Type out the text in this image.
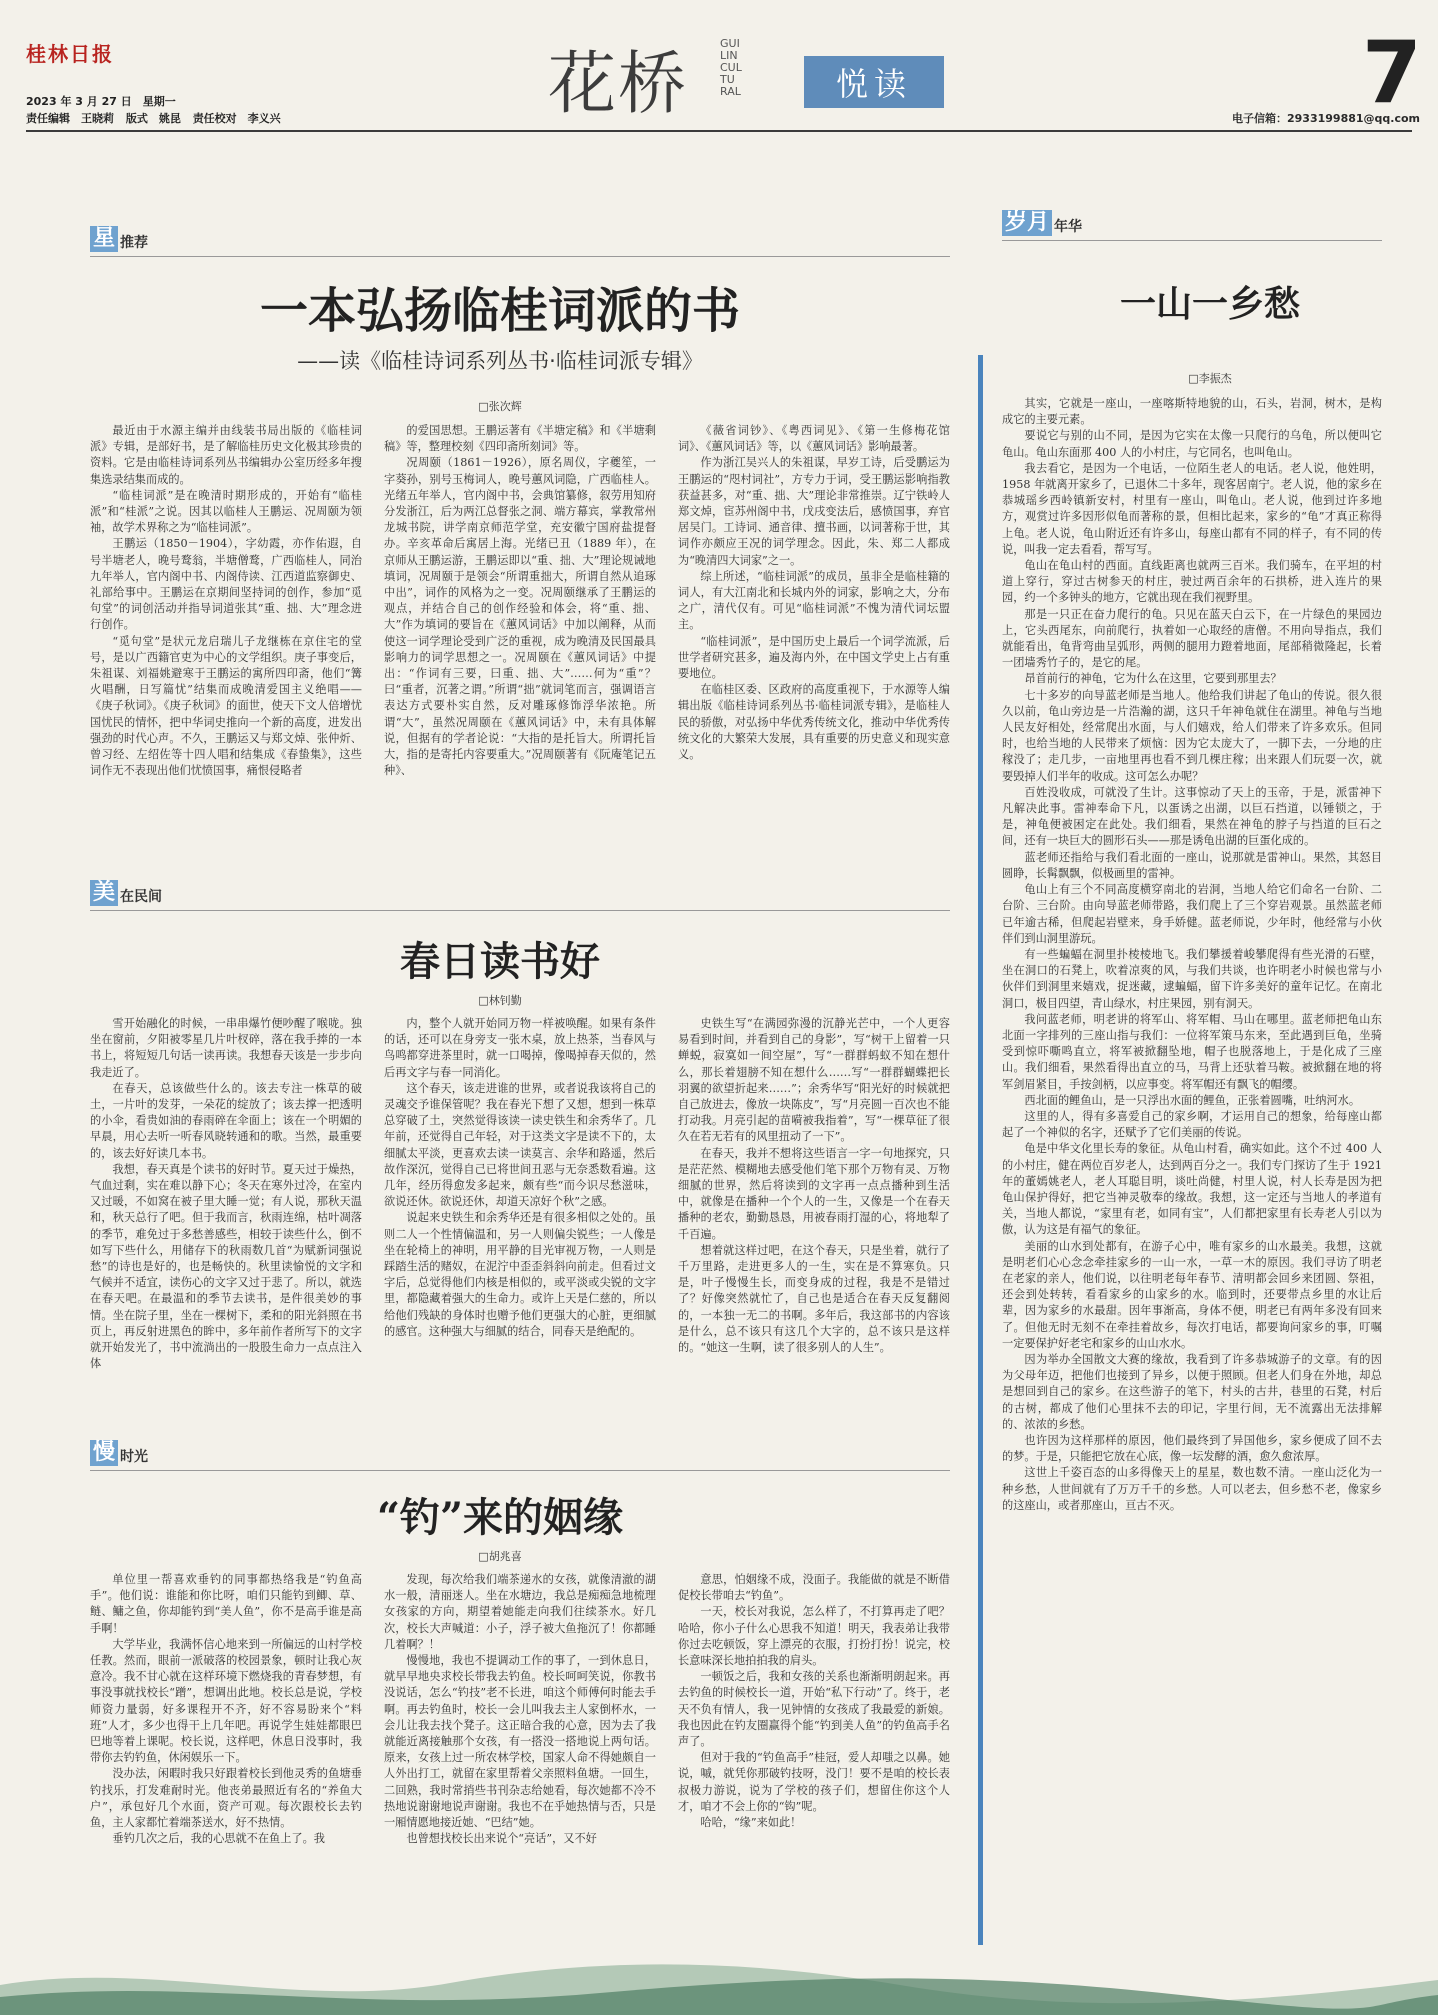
桂林日报
2023 年 3 月 27 日　星期一
责任编辑　王晓莉 版式　姚昆 责任校对　李义兴	花桥
GUILIN CULTURAL	悦读	7
电子信箱：2933199881@qq.com
星 推荐
一本弘扬临桂词派的书
——读《临桂诗词系列丛书·临桂词派专辑》
□张次辉

最近由于水源主编并由线装书局出版的《临桂词派》专辑，是部好书，是了解临桂历史文化极其珍贵的资料。它是由临桂诗词系列丛书编辑办公室历经多年搜集选录结集而成的。

“临桂词派”是在晚清时期形成的，开始有“临桂派”和“桂派”之说。因其以临桂人王鹏运、况周颐为领袖，故学术界称之为“临桂词派”。

王鹏运（1850－1904），字幼霞，亦作佑遐，自号半塘老人，晚号鹜翁，半塘僧鹜，广西临桂人，同治九年举人，官内阁中书、内阁侍读、江西道监察御史、礼部给事中。王鹏运在京期间坚持词的创作，参加“觅句堂”的词创活动并指导词道张其“重、拙、大”理念进行创作。

“觅句堂”是状元龙启瑞儿子龙继栋在京住宅的堂号，是以广西籍官吏为中心的文学组织。庚子事变后，朱祖谋、刘福姚避寒于王鹏运的寓所四印斋，他们“篝火唱酬，日写篇忧”结集而成晚清爱国主义绝唱——《庚子秋词》。《庚子秋词》的面世，使天下文人倍增忧国忧民的情怀，把中华词史推向一个新的高度，进发出强劲的时代心声。不久，王鹏运又与郑文焯、张仲炘、曾习经、左绍佐等十四人唱和结集成《春蛰集》，这些词作无不表现出他们忧愤国事，痛恨侵略者

的爱国思想。王鹏运著有《半塘定稿》和《半塘剩稿》等，整理校刻《四印斋所刻词》等。

况周颐（1861－1926），原名周仪，字夔笙，一字葵孙，别号玉梅词人，晚号蕙风词隐，广西临桂人。光绪五年举人，官内阁中书，会典馆纂修，叙劳用知府分发浙江，后为两江总督张之洞、端方幕宾，掌教常州龙城书院，讲学南京师范学堂，充安徽宁国府盐提督办。辛亥革命后寓居上海。光绪已丑（1889 年），在京师从王鹏运游，王鹏运即以“重、拙、大”理论规诫地填词，况周颐于是领会“所谓重拙大，所谓自然从追琢中出”，词作的风格为之一变。况周颐继承了王鹏运的观点，并结合自己的创作经验和体会，将“重、拙、大”作为填词的要旨在《蕙风词话》中加以阐释，从而使这一词学理论受到广泛的重视，成为晚清及民国最具影响力的词学思想之一。况周颐在《蕙风词话》中提出：“作词有三要，曰重、拙、大”……何为“重”？曰“重者，沉著之谓。”所谓“拙”就词笔而言，强调语言表达方式要朴实自然，反对雕琢修饰浮华浓艳。所谓“大”，虽然况周颐在《蕙风词话》中，未有具体解说，但据有的学者论说：“大指的是托旨大。所谓托旨大，指的是寄托内容要重大。”况周颐著有《阮庵笔记五种》、

《薇省词钞》、《粤西词见》、《第一生修梅花馆词》、《蕙风词话》等，以《蕙风词话》影响最著。

作为浙江吴兴人的朱祖谋，早岁工诗，后受鹏运为王鹏运的“咫村词社”，方专力于词，受王鹏运影响指教获益甚多，对“重、拙、大”理论非常推崇。辽宁铁岭人郑文焯，宦苏州阁中书，戊戌变法后，感愤国事，弃官居吴门。工诗词、通音律、擅书画，以词著称于世，其词作亦颇应王况的词学理念。因此，朱、郑二人都成为“晚清四大词家”之一。

综上所述，“临桂词派”的成员，虽非全是临桂籍的词人，有大江南北和长城内外的词家，影响之大，分布之广，清代仅有。可见“临桂词派”不愧为清代词坛盟主。

“临桂词派”，是中国历史上最后一个词学流派，后世学者研究甚多，遍及海内外，在中国文学史上占有重要地位。

在临桂区委、区政府的高度重视下，于水源等人编辑出版《临桂诗词系列丛书·临桂词派专辑》，是临桂人民的骄傲，对弘扬中华优秀传统文化，推动中华优秀传统文化的大繁荣大发展，具有重要的历史意义和现实意义。

美 在民间
春日读书好
□林钊勤

雪开始融化的时候，一串串爆竹便吵醒了喉咙。独坐在窗前，夕阳被零星几片叶杈碎，落在我手捧的一本书上，将短短几句话一读再读。我想春天该是一步步向我走近了。

在春天，总该做些什么的。该去专注一株草的破土，一片叶的发芽，一朵花的绽放了；该去撑一把透明的小伞，看贵如油的春雨碎在伞面上；该在一个明媚的早晨，用心去听一听春风晓转通和的歌。当然，最重要的，该去好好读几本书。

我想，春天真是个读书的好时节。夏天过于燥热，气血过剩，实在难以静下心；冬天在寒外过冷，在室内又过暖，不如窝在被子里大睡一觉；有人说，那秋天温和，秋天总行了吧。但于我而言，秋雨连绵，枯叶凋落的季节，难免过于多愁善感些，相较于读些什么，倒不如写下些什么，用储存下的秋雨数几首“为赋新词强说愁”的诗也是好的，也是畅快的。秋里读愉悦的文字和气候并不适宜，读伤心的文字又过于悲了。所以，就选在春天吧。在最温和的季节去读书，是件很美妙的事情。坐在院子里，坐在一棵树下，柔和的阳光斜照在书页上，再反射进黑色的眸中，多年前作者所写下的文字就开始发光了，书中流淌出的一股股生命力一点点注入体

内，整个人就开始同万物一样被唤醒。如果有条件的话，还可以在身旁支一张木桌，放上热茶，当春风与鸟鸣都穿进茶里时，就一口喝掉，像喝掉春天似的，然后再文字与春一同消化。

这个春天，该走进谁的世界，或者说我该将自己的灵魂交予谁保管呢？我在春光下想了又想，想到一株草总穿破了土，突然觉得该读一读史铁生和余秀华了。几年前，还觉得自己年轻，对于这类文字是读不下的，太细腻太平淡，更喜欢去读一读莫言、余华和路遥，然后故作深沉，觉得自己已将世间丑恶与无奈悉数看遍。这几年，经历得愈发多起来，颇有些“而今识尽愁滋味，欲说还休。欲说还休，却道天凉好个秋”之感。

说起来史铁生和余秀华还是有很多相似之处的。虽则二人一个性情偏温和，另一人则偏尖锐些；一人像是坐在轮椅上的神明，用平静的目光审视万物，一人则是踩踏生活的赌奴，在泥泞中歪歪斜斜向前走。但看过文字后，总觉得他们内核是相似的，或平淡或尖锐的文字里，都隐藏着强大的生命力。或许上天是仁慈的，所以给他们残缺的身体时也赠予他们更强大的心脏，更细腻的感官。这种强大与细腻的结合，同春天是绝配的。

史铁生写“在满园弥漫的沉静光芒中，一个人更容易看到时间，并看到自己的身影”，写“树干上留着一只蝉蜕，寂寞如一间空屋”，写“一群群蚂蚁不知在想什么，那长着翅膀不知在想什么……写“一群群蝴蝶把长羽翼的欲望折起来……”；余秀华写“阳光好的时候就把自己放进去，像放一块陈皮”，写“月亮圆一百次也不能打动我。月亮引起的苗嗬被我指着”，写“一棵草征了很久在若无若有的风里扭动了一下”。

在春天，我并不想将这些语言一字一句地探究，只是茫茫然、模糊地去感受他们笔下那个万物有灵、万物细腻的世界，然后将读到的文字再一点点播种到生活中，就像是在播种一个个人的一生，又像是一个在春天播种的老农，勤勤恳恳，用被春雨打湿的心，将地犁了千百遍。

想着就这样过吧，在这个春天，只是坐着，就行了千万里路，走进更多人的一生，实在是不算寒负。只是，叶子慢慢生长，而变身成的过程，我是不是错过了？好像突然就忙了，自己也是适合在春天反复翻阅的，一本独一无二的书啊。多年后，我这部书的内容该是什么，总不该只有这几个大字的，总不该只是这样的。“她这一生啊，读了很多别人的人生”。

慢 时光
“钓”来的姻缘
□胡兆喜

单位里一帮喜欢垂钓的同事都热络我是“钓鱼高手”。他们说：谁能和你比呀，咱们只能钓到鲫、草、鲢、鳙之鱼，你却能钓到“美人鱼”，你不是高手谁是高手啊！

大学毕业，我满怀信心地来到一所偏远的山村学校任教。然而，眼前一派破落的校园景象，顿时让我心灰意冷。我不甘心就在这样环境下燃烧我的青春梦想，有事没事就找校长“蹭”，想调出此地。校长总是说，学校师资力量弱，好多课程开不齐，好不容易盼来个“料班”人才，多少也得干上几年吧。再说学生娃娃都眼巴巴地等着上课呢。校长说，这样吧，休息日没事时，我带你去钓钓鱼，休闲娱乐一下。

没办法，闲暇时我只好跟着校长到他灵秀的鱼塘垂钓找乐，打发难耐时光。他丧弟最照近有名的“养鱼大户”，承包好几个水面，资产可观。每次跟校长去钓鱼，主人家都忙着端茶送水，好不热情。

垂钓几次之后，我的心思就不在鱼上了。我

发现，每次给我们端茶递水的女孩，就像清澈的湖水一般，清丽迷人。坐在水塘边，我总是痴痴急地梳理女孩家的方向，期望着她能走向我们往续茶水。好几次，校长大声喊道：小子，浮子被大鱼拖沉了！你都睡几着啊？！

慢慢地，我也不提调动工作的事了，一到休息日，就早早地央求校长带我去钓鱼。校长呵呵笑说，你教书没说话，怎么“钓技”老不长进，咱这个师傅何时能去手啊。再去钓鱼时，校长一会儿叫我去主人家倒杯水，一会儿让我去找个凳子。这正暗合我的心意，因为去了我就能近离接触那个女孩，有一搭没一搭地说上两句话。原来，女孩上过一所农林学校，国家人命不得她颇自一人外出打工，就留在家里帮着父亲照料鱼塘。一回生，二回熟，我时常捎些书刊杂志给她看，每次她都不冷不热地说谢谢地说声谢谢。我也不在乎她热情与否，只是一厢情愿地接近她、“巴结”她。

也曾想找校长出来说个“亮话”，又不好

意思，怕姻缘不成，没面子。我能做的就是不断借促校长带咱去“钓鱼”。

一天，校长对我说，怎么样了，不打算再走了吧？哈哈，你小子什么心思我不知道！明天，我表弟让我带你过去吃顿饭，穿上漂亮的衣服，打扮打扮！说完，校长意味深长地拍拍我的肩头。

一顿饭之后，我和女孩的关系也渐渐明朗起来。再去钓鱼的时候校长一道，开始“私下行动”了。终于，老天不负有情人，我一见钟情的女孩成了我最爱的新娘。我也因此在钓友圈赢得个能“钓到美人鱼”的钓鱼高手名声了。

但对于我的“钓鱼高手”桂冠，爱人却嗤之以鼻。她说，嘁，就凭你那破钓技呀，没门！要不是咱的校长表叔极力游说，说为了学校的孩子们，想留住你这个人才，咱才不会上你的“钩”呢。

哈哈，“缘”来如此！

岁月 年华
一山一乡愁
□李振杰

其实，它就是一座山，一座喀斯特地貌的山，石头，岩洞，树木，是构成它的主要元素。

要说它与别的山不同，是因为它实在太像一只爬行的乌龟，所以便叫它龟山。龟山东面那 400 人的小村庄，与它同名，也叫龟山。

我去看它，是因为一个电话，一位陌生老人的电话。老人说，他姓明，1958 年就离开家乡了，已退休二十多年，现客居南宁。老人说，他的家乡在恭城瑶乡西岭镇新安村，村里有一座山，叫龟山。老人说，他到过许多地方，观赏过许多因形似龟而著称的景，但相比起来，家乡的“龟”才真正称得上龟。老人说，龟山附近还有许多山，每座山都有不同的样子，有不同的传说，叫我一定去看看，帮写写。

龟山在龟山村的西面。直线距离也就两三百米。我们骑车，在平坦的村道上穿行，穿过古树参天的村庄，驶过两百余年的石拱桥，进入连片的果园，约一个多钟头的地方，它就出现在我们视野里。

那是一只正在奋力爬行的龟。只见在蓝天白云下，在一片绿色的果园边上，它头西尾东，向前爬行，执着如一心取经的唐僧。不用向导指点，我们就能看出，龟背弯曲呈弧形，两侧的腿用力蹬着地面，尾部稍微隆起，长着一团墙秀竹子的，是它的尾。

昂首前行的神龟，它为什么在这里，它要到那里去？

七十多岁的向导蓝老师是当地人。他给我们讲起了龟山的传说。很久很久以前，龟山旁边是一片浩瀚的湖，这只千年神龟就住在湖里。神龟与当地人民友好相处，经常爬出水面，与人们嬉戏，给人们带来了许多欢乐。但同时，也给当地的人民带来了烦恼：因为它太庞大了，一脚下去，一分地的庄稼没了；走几步，一亩地里再也看不到几棵庄稼；出来跟人们玩耍一次，就要毁掉人们半年的收成。这可怎么办呢？

百姓没收成，可就没了生计。这事惊动了天上的玉帝，于是，派雷神下凡解决此事。雷神奉命下凡，以蛋诱之出湖，以巨石挡道，以锤锁之，于是，神龟便被困定在此处。我们细看，果然在神龟的脖子与挡道的巨石之间，还有一块巨大的圆形石头——那是诱龟出湖的巨蛋化成的。

蓝老师还指给与我们看北面的一座山，说那就是雷神山。果然，其怒目圆睁，长髯飘飘，似极画里的雷神。

龟山上有三个不同高度横穿南北的岩洞，当地人给它们命名一台阶、二台阶、三台阶。由向导蓝老师带路，我们爬上了三个穿岩观景。虽然蓝老师已年逾古稀，但爬起岩壁来，身手娇健。蓝老师说，少年时，他经常与小伙伴们到山洞里游玩。

有一些蝙蝠在洞里扑棱棱地飞。我们攀援着峻攀爬得有些光滑的石壁，坐在洞口的石凳上，吹着凉爽的风，与我们共谈，也许明老小时候也常与小伙伴们到洞里来嬉戏，捉迷藏，逮蝙蝠，留下许多美好的童年记忆。在南北洞口，极目四望，青山绿水，村庄果园，别有洞天。

我问蓝老师，明老讲的将军山、将军帽、马山在哪里。蓝老师把龟山东北面一字排列的三座山指与我们：一位将军策马东来，至此遇到巨龟，坐骑受到惊吓嘶鸣直立，将军被掀翻坠地，帽子也脱落地上，于是化成了三座山。我们细看，果然看得出直立的马，马背上还驮着马鞍。被掀翻在地的将军剑眉紧目，手按剑柄，以应事变。将军帽还有飘飞的帽缨。

西北面的鲤鱼山，是一只浮出水面的鲤鱼，正张着圆嘴，吐纳河水。

这里的人，得有多喜爱自己的家乡啊，才运用自己的想象，给每座山都起了一个神似的名字，还赋予了它们美丽的传说。

龟是中华文化里长寿的象征。从龟山村看，确实如此。这个不过 400 人的小村庄，健在两位百岁老人，达到两百分之一。我们专门探访了生于 1921 年的董嫣姚老人，老人耳聪目明，谈吐尚健，村里人说，村人长寿是因为把龟山保护得好，把它当神灵敬奉的缘故。我想，这一定还与当地人的孝道有关，当地人都说，“家里有老，如同有宝”，人们都把家里有长寿老人引以为傲，认为这是有福气的象征。

美丽的山水到处都有，在游子心中，唯有家乡的山水最美。我想，这就是明老们心心念念牵挂家乡的一山一水，一草一木的原因。我们寻访了明老在老家的亲人，他们说，以往明老每年春节、清明都会回乡来团圆、祭祖，还会到处转转，看看家乡的山家乡的水。临到时，还要带点乡里的水让后辈，因为家乡的水最甜。因年事渐高，身体不便，明老已有两年多没有回来了。但他无时无刻不在牵挂着故乡，每次打电话，都要询问家乡的事，叮嘱一定要保护好老宅和家乡的山山水水。

因为举办全国散文大赛的缘故，我看到了许多恭城游子的文章。有的因为父母年迈，把他们也接到了异乡，以便于照顾。但老人们身在外地，却总是想回到自己的家乡。在这些游子的笔下，村头的古井，巷里的石凳，村后的古树，都成了他们心里抹不去的印记，字里行间，无不流露出无法排解的、浓浓的乡愁。

也许因为这样那样的原因，他们最终到了异国他乡，家乡便成了回不去的梦。于是，只能把它放在心底，像一坛发酵的酒，愈久愈浓厚。

这世上千姿百态的山多得像天上的星星，数也数不清。一座山泛化为一种乡愁，人世间就有了万万千千的乡愁。人可以老去，但乡愁不老，像家乡的这座山，或者那座山，亘古不灭。
